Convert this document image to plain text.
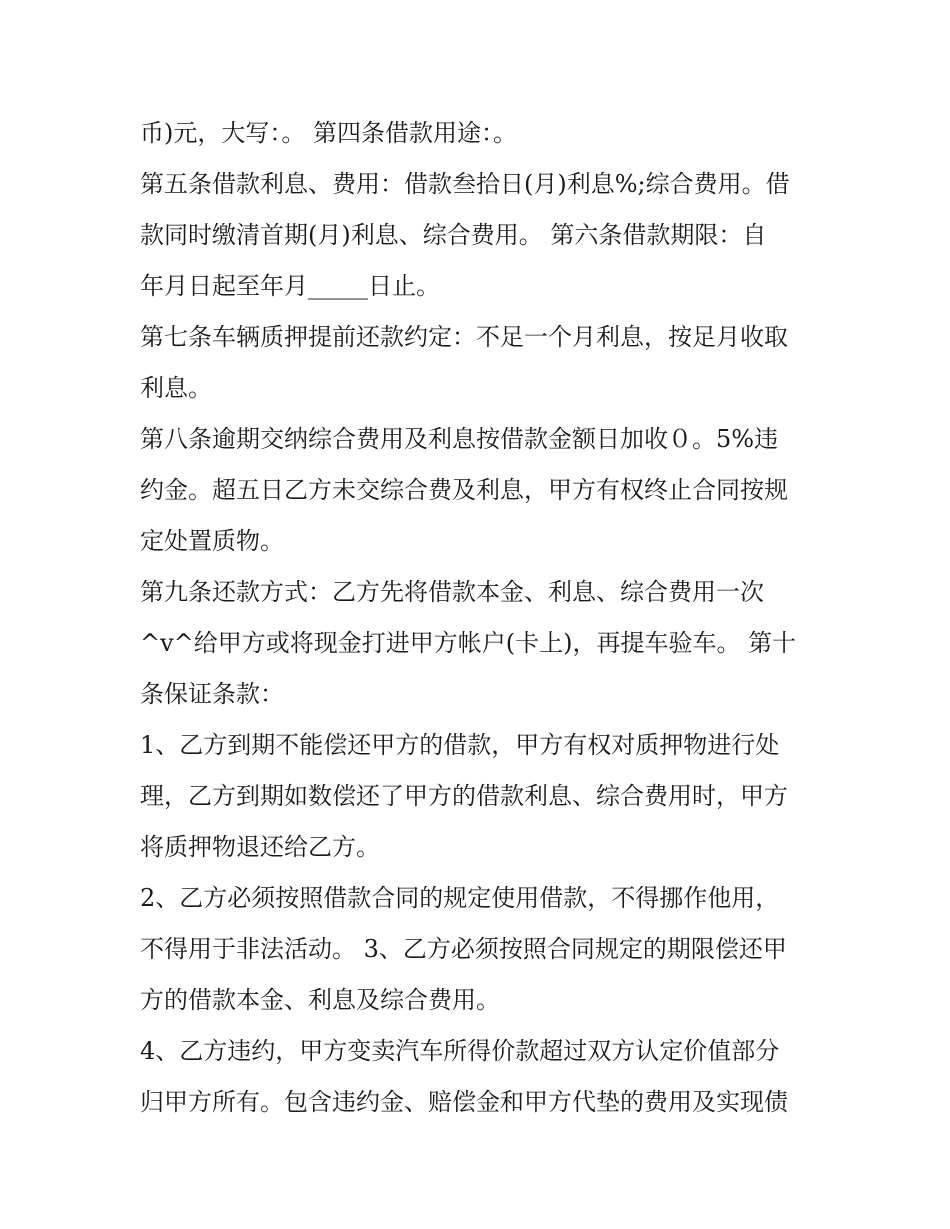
币)元，大写：。 第四条借款用途：。
第五条借款利息、费用：借款叁拾日(月)利息%;综合费用。借
款同时缴清首期(月)利息、综合费用。 第六条借款期限：自
年月日起至年月_____日止。
第七条车辆质押提前还款约定：不足一个月利息，按足月收取
利息。
第八条逾期交纳综合费用及利息按借款金额日加收０。5%违
约金。超五日乙方未交综合费及利息，甲方有权终止合同按规
定处置质物。
第九条还款方式：乙方先将借款本金、利息、综合费用一次
^v^给甲方或将现金打进甲方帐户(卡上)，再提车验车。 第十
条保证条款：
1、乙方到期不能偿还甲方的借款，甲方有权对质押物进行处
理，乙方到期如数偿还了甲方的借款利息、综合费用时，甲方
将质押物退还给乙方。
2、乙方必须按照借款合同的规定使用借款，不得挪作他用，
不得用于非法活动。 3、乙方必须按照合同规定的期限偿还甲
方的借款本金、利息及综合费用。
4、乙方违约，甲方变卖汽车所得价款超过双方认定价值部分
归甲方所有。包含违约金、赔偿金和甲方代垫的费用及实现债
